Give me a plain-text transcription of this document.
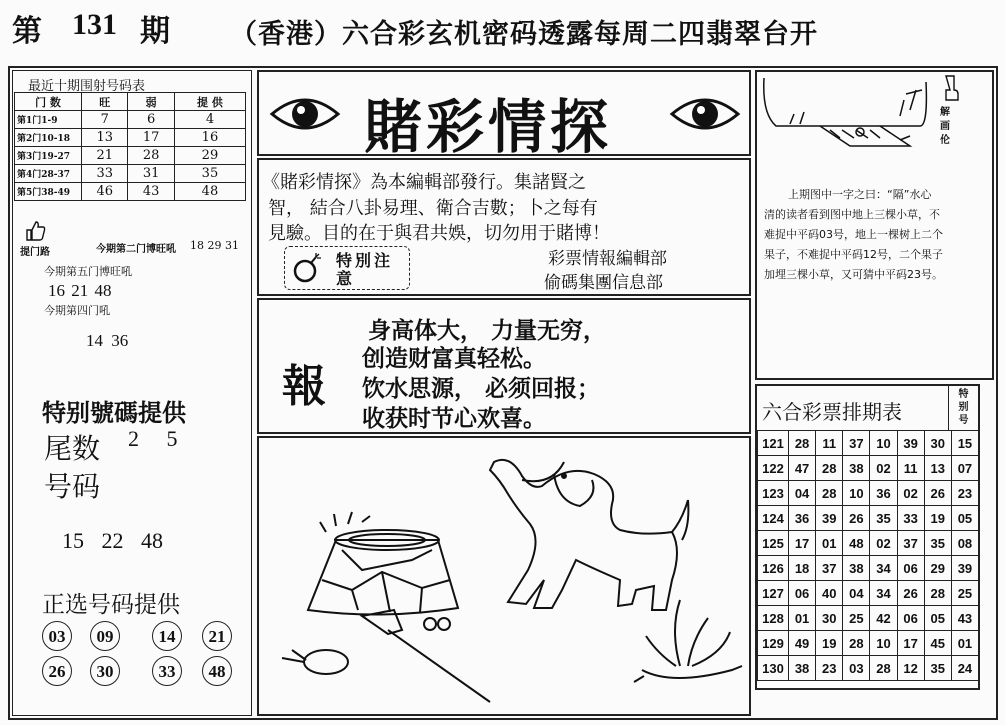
第 131 期 （香港）六合彩玄机密码透露每周二四翡翠台开
最近十期围射号码表
门 数	旺	弱	提 供
第1门1-9	7	6	4
第2门10-18	13	17	16
第3门19-27	21	28	29
第4门28-37	33	31	35
第5门38-49	46	43	48
提门路	今期第二门博旺吼 18 29 31
今期第五门博旺吼
16 21 48
今期第四门吼
14 36
特别號碼提供
尾数 2 5
号码
15 22 48
正选号码提供
03	09	14	21
26	30	33	48
賭彩情探
《賭彩情探》為本編輯部發行。集諸賢之
智， 結合八卦易理、衛合吉數；卜之每有
見驗。目的在于與君共娛，切勿用于賭博！
特別注意
彩票情報編輯部
偷碼集團信息部
報
身高体大， 力量无穷，
创造财富真轻松。
饮水思源， 必须回报；
收获时节心欢喜。
解画伦
上期图中一字之曰：“隔”水心
清的读者看到图中地上三棵小草，不
难捉中平码03号，地上一棵树上二个
果子，不难捉中平码12号，二个果子
加埋三棵小草，又可猜中平码23号。
六合彩票排期表
特别号
121	28	11	37	10	39	30	15
122	47	28	38	02	11	13	07
123	04	28	10	36	02	26	23
124	36	39	26	35	33	19	05
125	17	01	48	02	37	35	08
126	18	37	38	34	06	29	39
127	06	40	04	34	26	28	25
128	01	30	25	42	06	05	43
129	49	19	28	10	17	45	01
130	38	23	03	28	12	35	24
